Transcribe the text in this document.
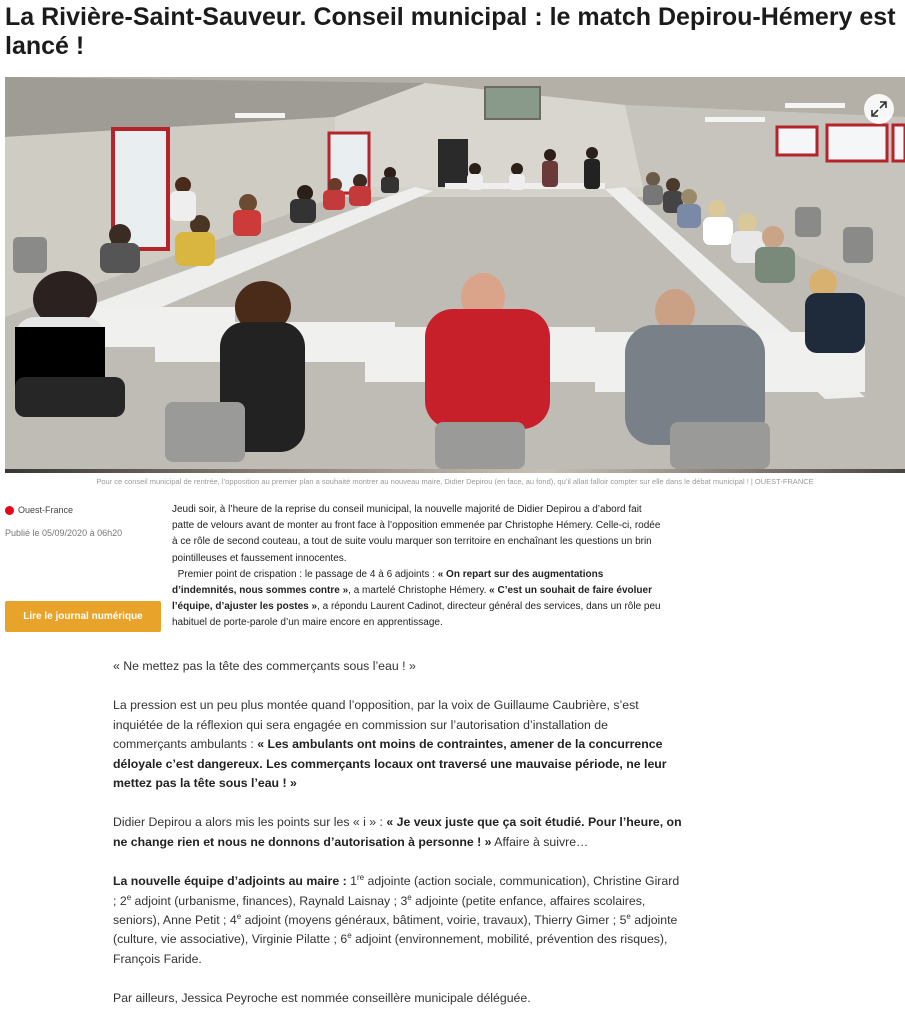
La Rivière-Saint-Sauveur. Conseil municipal : le match Depirou-Hémery est lancé !
Pour ce conseil municipal de rentrée, l’opposition au premier plan a souhaité montrer au nouveau maire, Didier Depirou (en face, au fond), qu’il allait falloir compter sur elle dans le débat municipal ! | OUEST-FRANCE
Ouest-France
Publié le 05/09/2020 à 06h20
Lire le journal numérique

Jeudi soir, à l’heure de la reprise du conseil municipal, la nouvelle majorité de Didier Depirou a d’abord fait patte de velours avant de monter au front face à l’opposition emmenée par Christophe Hémery. Celle-ci, rodée à ce rôle de second couteau, a tout de suite voulu marquer son territoire en enchaînant les questions un brin pointilleuses et faussement innocentes.

Premier point de crispation : le passage de 4 à 6 adjoints : « On repart sur des augmentations d’indemnités, nous sommes contre », a martelé Christophe Hémery. « C’est un souhait de faire évoluer l’équipe, d’ajuster les postes », a répondu Laurent Cadinot, directeur général des services, dans un rôle peu habituel de porte-parole d’un maire encore en apprentissage.

« Ne mettez pas la tête des commerçants sous l’eau ! »

La pression est un peu plus montée quand l’opposition, par la voix de Guillaume Caubrière, s’est inquiétée de la réflexion qui sera engagée en commission sur l’autorisation d’installation de commerçants ambulants : « Les ambulants ont moins de contraintes, amener de la concurrence déloyale c’est dangereux. Les commerçants locaux ont traversé une mauvaise période, ne leur mettez pas la tête sous l’eau ! »

Didier Depirou a alors mis les points sur les « i » : « Je veux juste que ça soit étudié. Pour l’heure, on ne change rien et nous ne donnons d’autorisation à personne ! » Affaire à suivre…

La nouvelle équipe d’adjoints au maire : 1re adjointe (action sociale, communication), Christine Girard ; 2e adjoint (urbanisme, finances), Raynald Laisnay ; 3e adjointe (petite enfance, affaires scolaires, seniors), Anne Petit ; 4e adjoint (moyens généraux, bâtiment, voirie, travaux), Thierry Gimer ; 5e adjointe (culture, vie associative), Virginie Pilatte ; 6e adjoint (environnement, mobilité, prévention des risques), François Faride.

Par ailleurs, Jessica Peyroche est nommée conseillère municipale déléguée.
